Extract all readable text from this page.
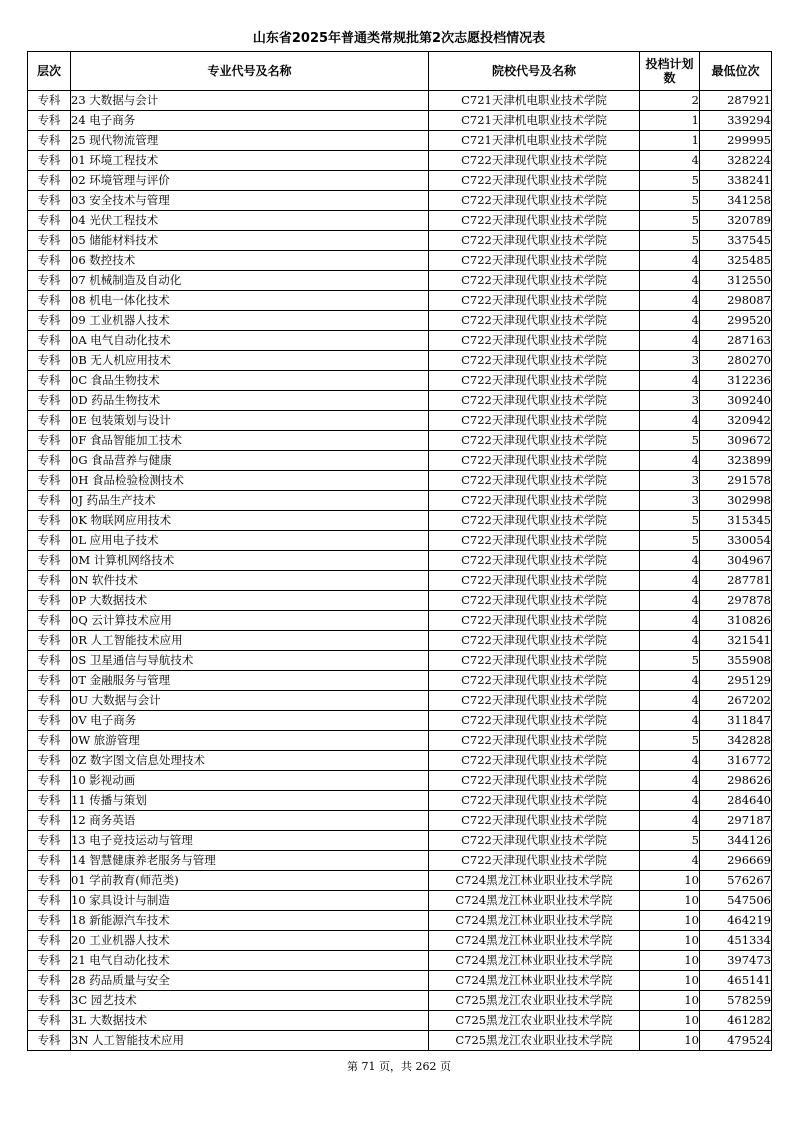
山东省2025年普通类常规批第2次志愿投档情况表
层次	专业代号及名称	院校代号及名称	投档计划数	最低位次
专科	23 大数据与会计	C721天津机电职业技术学院	2	287921
专科	24 电子商务	C721天津机电职业技术学院	1	339294
专科	25 现代物流管理	C721天津机电职业技术学院	1	299995
专科	01 环境工程技术	C722天津现代职业技术学院	4	328224
专科	02 环境管理与评价	C722天津现代职业技术学院	5	338241
专科	03 安全技术与管理	C722天津现代职业技术学院	5	341258
专科	04 光伏工程技术	C722天津现代职业技术学院	5	320789
专科	05 储能材料技术	C722天津现代职业技术学院	5	337545
专科	06 数控技术	C722天津现代职业技术学院	4	325485
专科	07 机械制造及自动化	C722天津现代职业技术学院	4	312550
专科	08 机电一体化技术	C722天津现代职业技术学院	4	298087
专科	09 工业机器人技术	C722天津现代职业技术学院	4	299520
专科	0A 电气自动化技术	C722天津现代职业技术学院	4	287163
专科	0B 无人机应用技术	C722天津现代职业技术学院	3	280270
专科	0C 食品生物技术	C722天津现代职业技术学院	4	312236
专科	0D 药品生物技术	C722天津现代职业技术学院	3	309240
专科	0E 包装策划与设计	C722天津现代职业技术学院	4	320942
专科	0F 食品智能加工技术	C722天津现代职业技术学院	5	309672
专科	0G 食品营养与健康	C722天津现代职业技术学院	4	323899
专科	0H 食品检验检测技术	C722天津现代职业技术学院	3	291578
专科	0J 药品生产技术	C722天津现代职业技术学院	3	302998
专科	0K 物联网应用技术	C722天津现代职业技术学院	5	315345
专科	0L 应用电子技术	C722天津现代职业技术学院	5	330054
专科	0M 计算机网络技术	C722天津现代职业技术学院	4	304967
专科	0N 软件技术	C722天津现代职业技术学院	4	287781
专科	0P 大数据技术	C722天津现代职业技术学院	4	297878
专科	0Q 云计算技术应用	C722天津现代职业技术学院	4	310826
专科	0R 人工智能技术应用	C722天津现代职业技术学院	4	321541
专科	0S 卫星通信与导航技术	C722天津现代职业技术学院	5	355908
专科	0T 金融服务与管理	C722天津现代职业技术学院	4	295129
专科	0U 大数据与会计	C722天津现代职业技术学院	4	267202
专科	0V 电子商务	C722天津现代职业技术学院	4	311847
专科	0W 旅游管理	C722天津现代职业技术学院	5	342828
专科	0Z 数字图文信息处理技术	C722天津现代职业技术学院	4	316772
专科	10 影视动画	C722天津现代职业技术学院	4	298626
专科	11 传播与策划	C722天津现代职业技术学院	4	284640
专科	12 商务英语	C722天津现代职业技术学院	4	297187
专科	13 电子竞技运动与管理	C722天津现代职业技术学院	5	344126
专科	14 智慧健康养老服务与管理	C722天津现代职业技术学院	4	296669
专科	01 学前教育(师范类)	C724黑龙江林业职业技术学院	10	576267
专科	10 家具设计与制造	C724黑龙江林业职业技术学院	10	547506
专科	18 新能源汽车技术	C724黑龙江林业职业技术学院	10	464219
专科	20 工业机器人技术	C724黑龙江林业职业技术学院	10	451334
专科	21 电气自动化技术	C724黑龙江林业职业技术学院	10	397473
专科	28 药品质量与安全	C724黑龙江林业职业技术学院	10	465141
专科	3C 园艺技术	C725黑龙江农业职业技术学院	10	578259
专科	3L 大数据技术	C725黑龙江农业职业技术学院	10	461282
专科	3N 人工智能技术应用	C725黑龙江农业职业技术学院	10	479524
第 71 页，共 262 页
